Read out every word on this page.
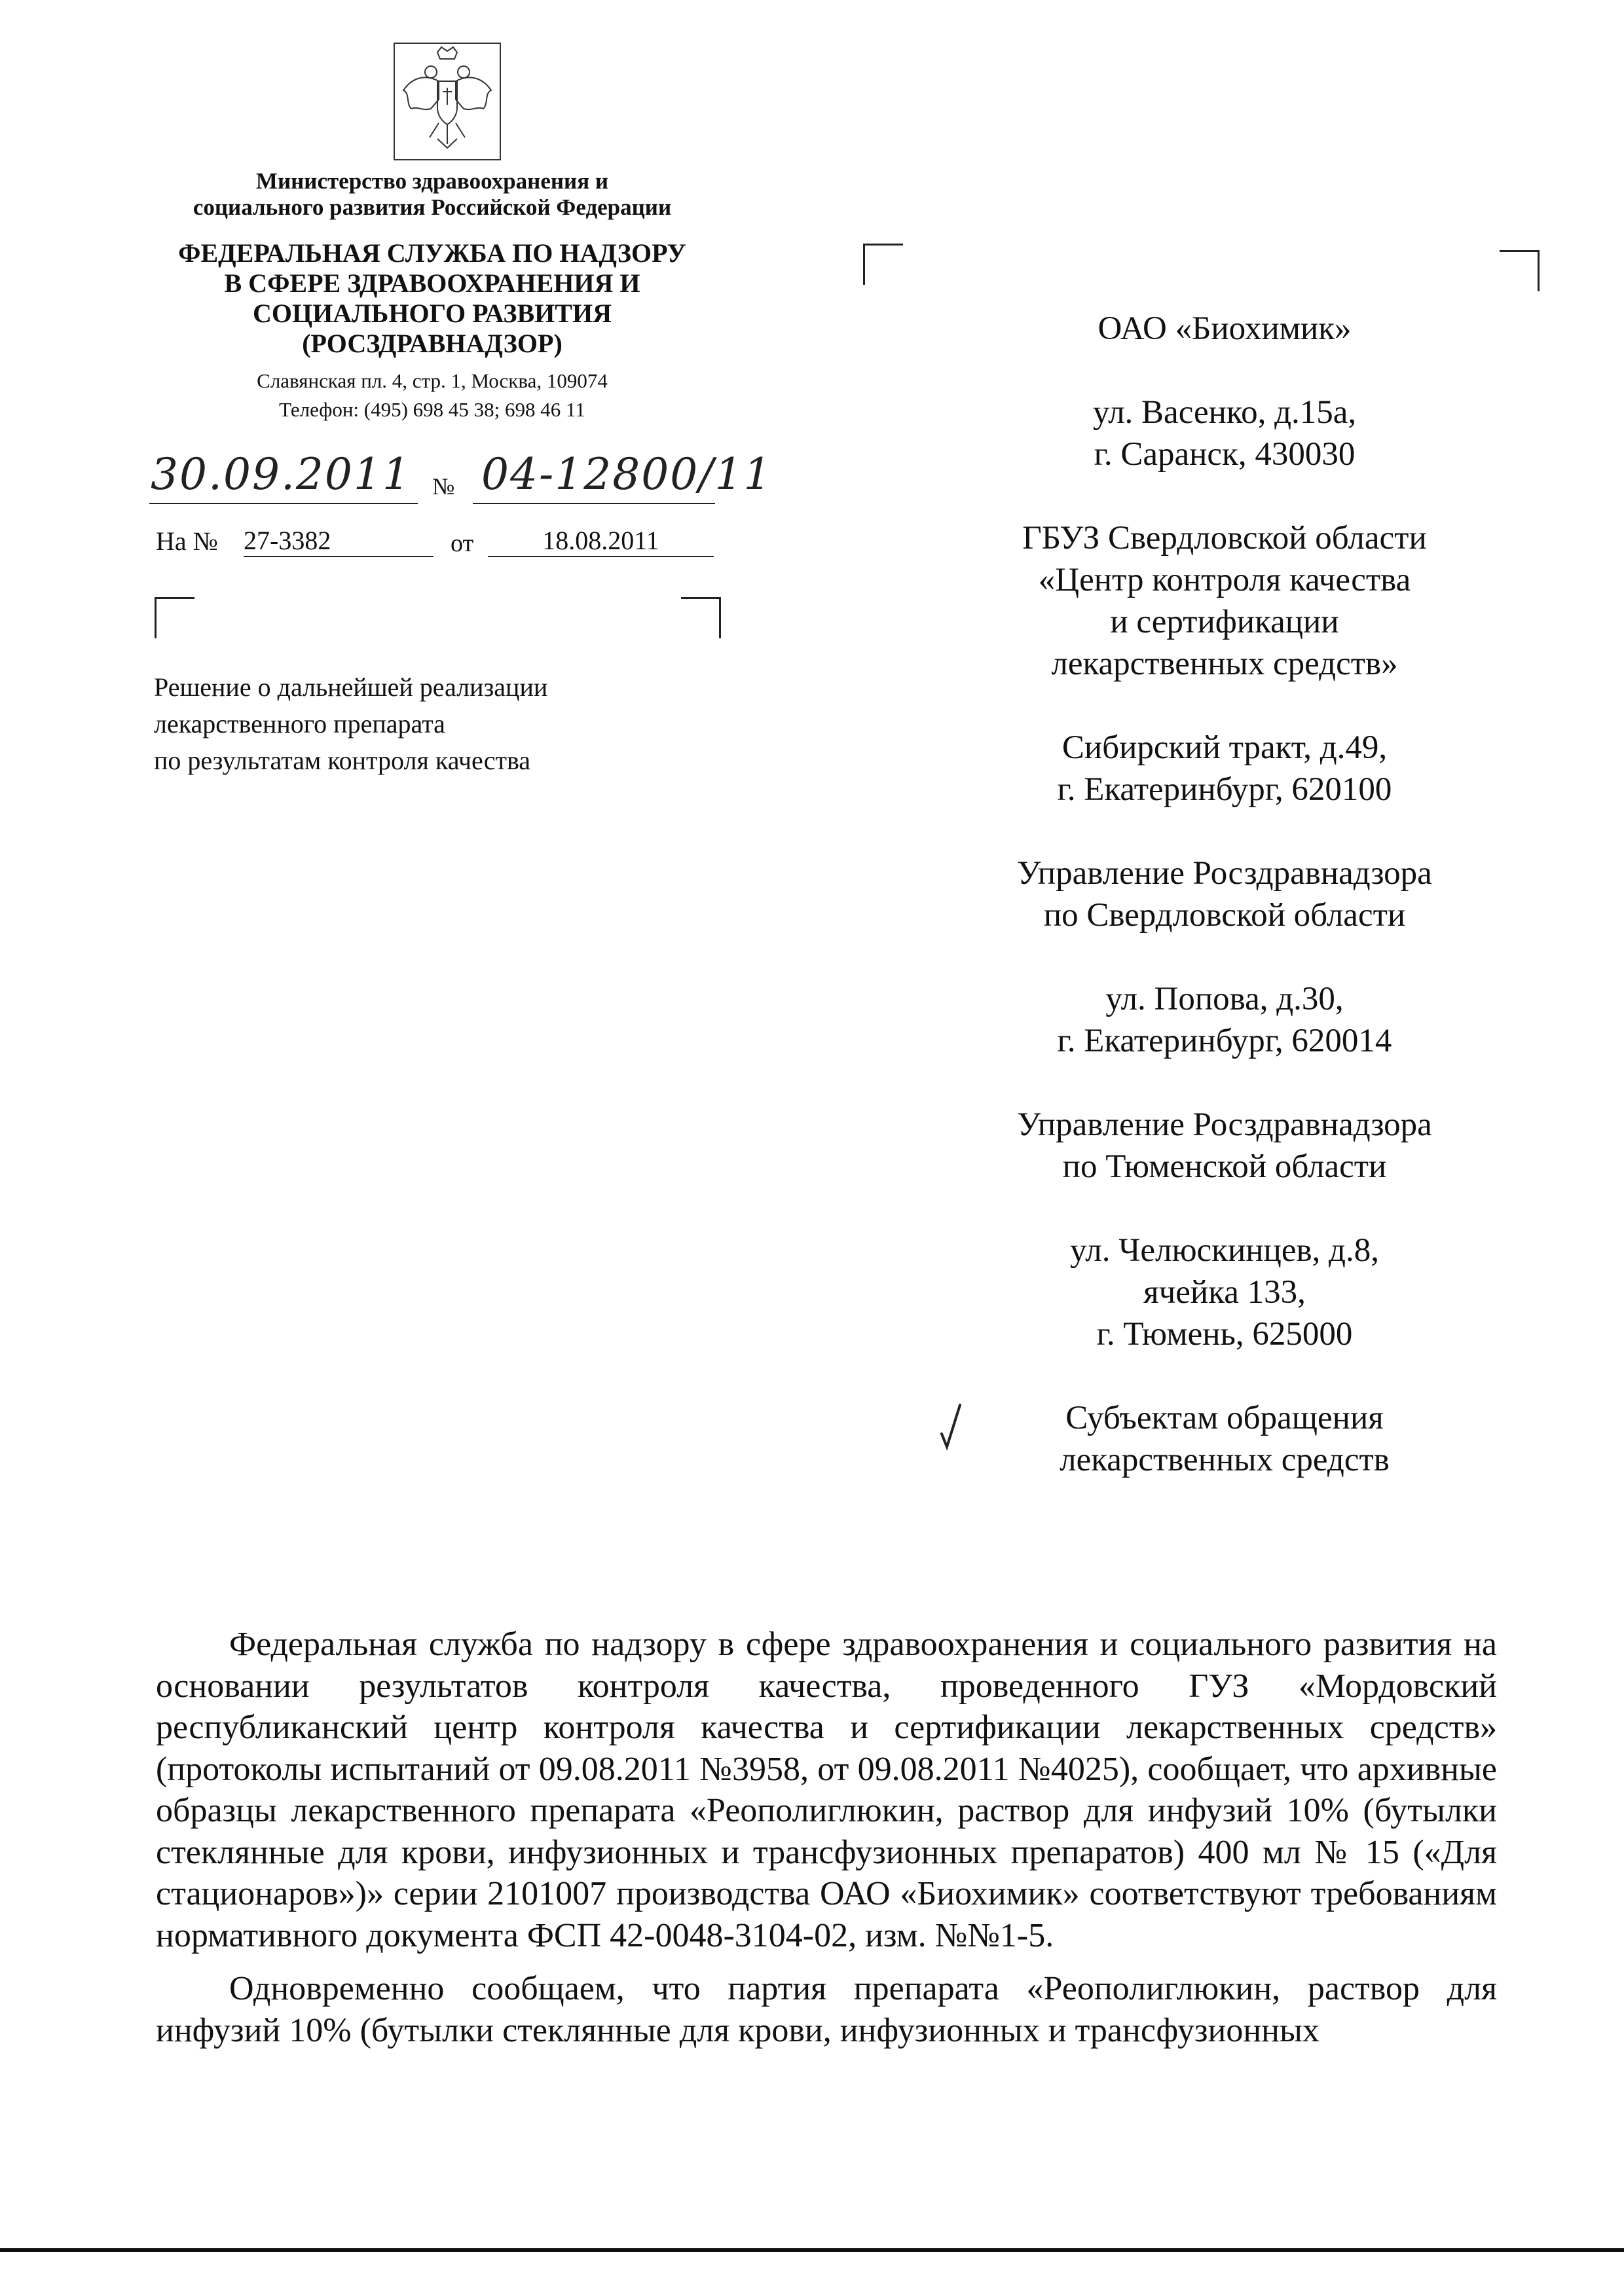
Министерство здравоохранения и
социального развития Российской Федерации
ФЕДЕРАЛЬНАЯ СЛУЖБА ПО НАДЗОРУ
В СФЕРЕ ЗДРАВООХРАНЕНИЯ И
СОЦИАЛЬНОГО РАЗВИТИЯ
(РОСЗДРАВНАДЗОР)
Славянская пл. 4, стр. 1, Москва, 109074
Телефон: (495) 698 45 38; 698 46 11
30.09.2011 № 04-12800/11
На № 27-3382	от	18.08.2011
Решение о дальнейшей реализации
лекарственного препарата
по результатам контроля качества
ОАО «Биохимик»
ул. Васенко, д.15а,
г. Саранск, 430030
ГБУЗ Свердловской области
«Центр контроля качества
и сертификации
лекарственных средств»
Сибирский тракт, д.49,
г. Екатеринбург, 620100
Управление Росздравнадзора
по Свердловской области
ул. Попова, д.30,
г. Екатеринбург, 620014
Управление Росздравнадзора
по Тюменской области
ул. Челюскинцев, д.8,
ячейка 133,
г. Тюмень, 625000
Субъектам обращения
лекарственных средств

Федеральная служба по надзору в сфере здравоохранения и социального развития на основании результатов контроля качества, проведенного ГУЗ «Мордовский республиканский центр контроля качества и сертификации лекарственных средств» (протоколы испытаний от 09.08.2011 №3958, от 09.08.2011 №4025), сообщает, что архивные образцы лекарственного препарата «Реополиглюкин, раствор для инфузий 10% (бутылки стеклянные для крови, инфузионных и трансфузионных препаратов) 400 мл № 15 («Для стационаров»)» серии 2101007 производства ОАО «Биохимик» соответствуют требованиям нормативного документа ФСП 42-0048-3104-02, изм. №№1-5.

Одновременно сообщаем, что партия препарата «Реополиглюкин, раствор для инфузий 10% (бутылки стеклянные для крови, инфузионных и трансфузионных
